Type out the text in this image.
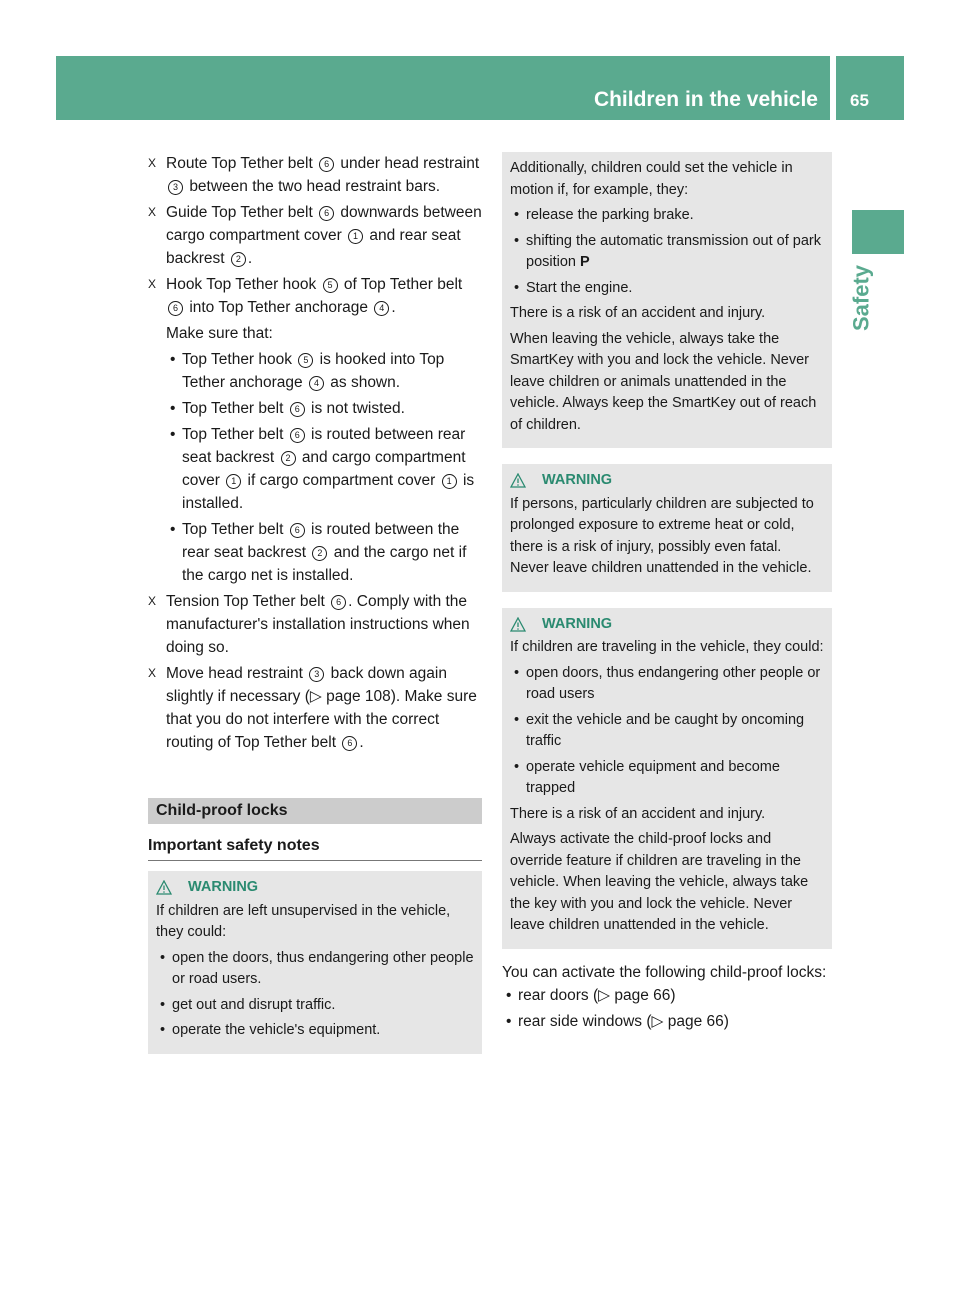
Children in the vehicle 65
Safety
X Route Top Tether belt 6 under head restraint 3 between the two head restraint bars.
X Guide Top Tether belt 6 downwards between cargo compartment cover 1 and rear seat backrest 2 .
X Hook Top Tether hook 5 of Top Tether belt 6 into Top Tether anchorage 4 .
Make sure that:
• Top Tether hook 5 is hooked into Top Tether anchorage 4 as shown.
• Top Tether belt 6 is not twisted.
• Top Tether belt 6 is routed between rear seat backrest 2 and cargo compartment cover 1 if cargo compartment cover 1 is installed.
• Top Tether belt 6 is routed between the rear seat backrest 2 and the cargo net if the cargo net is installed.
X Tension Top Tether belt 6 . Comply with the manufacturer's installation instructions when doing so.
X Move head restraint 3 back down again slightly if necessary (▷ page 108). Make sure that you do not interfere with the correct routing of Top Tether belt 6 .
Child-proof locks
Important safety notes
WARNING
If children are left unsupervised in the vehicle, they could:
• open the doors, thus endangering other people or road users.
• get out and disrupt traffic.
• operate the vehicle's equipment.
Additionally, children could set the vehicle in motion if, for example, they:
• release the parking brake.
• shifting the automatic transmission out of park position P
• Start the engine.
There is a risk of an accident and injury.
When leaving the vehicle, always take the SmartKey with you and lock the vehicle. Never leave children or animals unattended in the vehicle. Always keep the SmartKey out of reach of children.
WARNING
If persons, particularly children are subjected to prolonged exposure to extreme heat or cold, there is a risk of injury, possibly even fatal. Never leave children unattended in the vehicle.
WARNING
If children are traveling in the vehicle, they could:
• open doors, thus endangering other people or road users
• exit the vehicle and be caught by oncoming traffic
• operate vehicle equipment and become trapped
There is a risk of an accident and injury.
Always activate the child-proof locks and override feature if children are traveling in the vehicle. When leaving the vehicle, always take the key with you and lock the vehicle. Never leave children unattended in the vehicle.
You can activate the following child-proof locks:
• rear doors (▷ page 66)
• rear side windows (▷ page 66)
